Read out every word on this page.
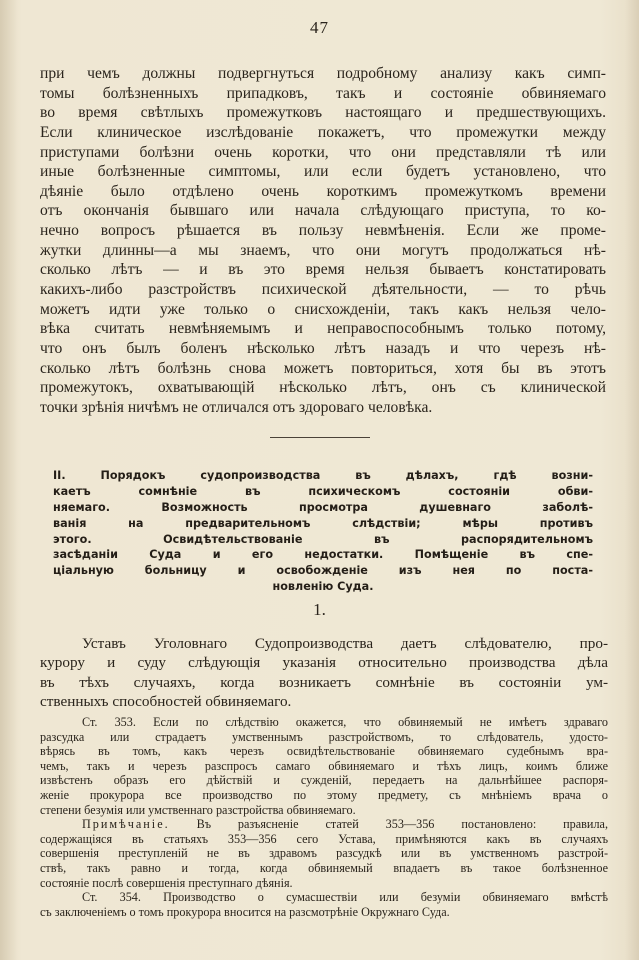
47
при чемъ должны подвергнуться подробному анализу какъ симп-
томы болѣзненныхъ припадковъ, такъ и состояніе обвиняемаго
во время свѣтлыхъ промежутковъ настоящаго и предшествующихъ.
Если клиническое изслѣдованіе покажетъ, что промежутки между
приступами болѣзни очень коротки, что они представляли тѣ или
иные болѣзненные симптомы, или если будетъ установлено, что
дѣяніе было отдѣлено очень короткимъ промежуткомъ времени
отъ окончанія бывшаго или начала слѣдующаго приступа, то ко-
нечно вопросъ рѣшается въ пользу невмѣненія. Если же проме-
жутки длинны—а мы знаемъ, что они могутъ продолжаться нѣ-
сколько лѣтъ — и въ это время нельзя бываетъ констатировать
какихъ-либо разстройствъ психической дѣятельности, — то рѣчь
можетъ идти уже только о снисхожденіи, такъ какъ нельзя чело-
вѣка считать невмѣняемымъ и неправоспособнымъ только потому,
что онъ былъ боленъ нѣсколько лѣтъ назадъ и что черезъ нѣ-
сколько лѣтъ болѣзнь снова можетъ повториться, хотя бы въ этотъ
промежутокъ, охватывающій нѣсколько лѣтъ, онъ съ клинической
точки зрѣнія ничѣмъ не отличался отъ здороваго человѣка.
II. Порядокъ судопроизводства въ дѣлахъ, гдѣ возни-
каетъ сомнѣніе въ психическомъ состояніи обви-
няемаго. Возможность просмотра душевнаго заболѣ-
ванія на предварительномъ слѣдствіи; мѣры противъ
этого. Освидѣтельствованіе въ распорядительномъ
засѣданіи Суда и его недостатки. Помѣщеніе въ спе-
ціальную больницу и освобожденіе изъ нея по поста-
новленію Суда.
1.
Уставъ Уголовнаго Судопроизводства даетъ слѣдователю, про-
курору и суду слѣдующія указанія относительно производства дѣла
въ тѣхъ случаяхъ, когда возникаетъ сомнѣніе въ состояніи ум-
ственныхъ способностей обвиняемаго.
Ст. 353. Если по слѣдствію окажется, что обвиняемый не имѣетъ здраваго
разсудка или страдаетъ умственнымъ разстройствомъ, то слѣдователь, удосто-
вѣрясь въ томъ, какъ черезъ освидѣтельствованіе обвиняемаго судебнымъ вра-
чемъ, такъ и черезъ разспросъ самаго обвиняемаго и тѣхъ лицъ, коимъ ближе
извѣстенъ образъ его дѣйствій и сужденій, передаетъ на дальнѣйшее распоря-
женіе прокурора все производство по этому предмету, съ мнѣніемъ врача о
степени безумія или умственнаго разстройства обвиняемаго.
Примѣчаніе. Въ разъясненіе статей 353—356 постановлено: правила,
содержащіяся въ статьяхъ 353—356 сего Устава, примѣняются какъ въ случаяхъ
совершенія преступленій не въ здравомъ разсудкѣ или въ умственномъ разстрой-
ствѣ, такъ равно и тогда, когда обвиняемый впадаетъ въ такое болѣзненное
состояніе послѣ совершенія преступнаго дѣянія.
Ст. 354. Производство о сумасшествіи или безуміи обвиняемаго вмѣстѣ
съ заключеніемъ о томъ прокурора вносится на разсмотрѣніе Окружнаго Суда.
